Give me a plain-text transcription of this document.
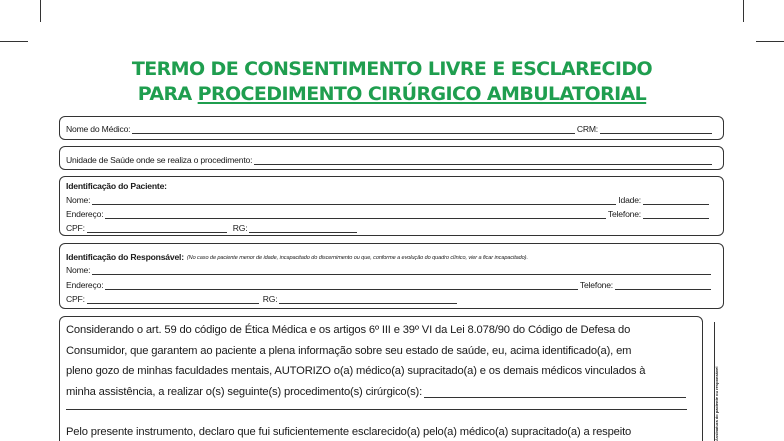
TERMO DE CONSENTIMENTO LIVRE E ESCLARECIDO
PARA PROCEDIMENTO CIRÚRGICO AMBULATORIAL
Nome do Médico:	CRM:
Unidade de Saúde onde se realiza o procedimento:
Identificação do Paciente:
Nome:	Idade:
Endereço:	Telefone:
CPF:	RG:
Identificação do Responsável: (No caso de paciente menor de idade, incapacitado do discernimento ou que, conforme a evolução do quadro clínico, vier a ficar incapacitado).
Nome:
Endereço:	Telefone:
CPF:	RG:
Considerando o art. 59 do código de Ética Médica e os artigos 6º III e 39º VI da Lei 8.078/90 do Código de Defesa do
Consumidor, que garantem ao paciente a plena informação sobre seu estado de saúde, eu, acima identificado(a), em
pleno gozo de minhas faculdades mentais, AUTORIZO o(a) médico(a) supracitado(a) e os demais médicos vinculados à
minha assistência, a realizar o(s) seguinte(s) procedimento(s) cirúrgico(s):
Pelo presente instrumento, declaro que fui suficientemente esclarecido(a) pelo(a) médico(a) supracitado(a) a respeito	Assinatura do paciente ou responsável
